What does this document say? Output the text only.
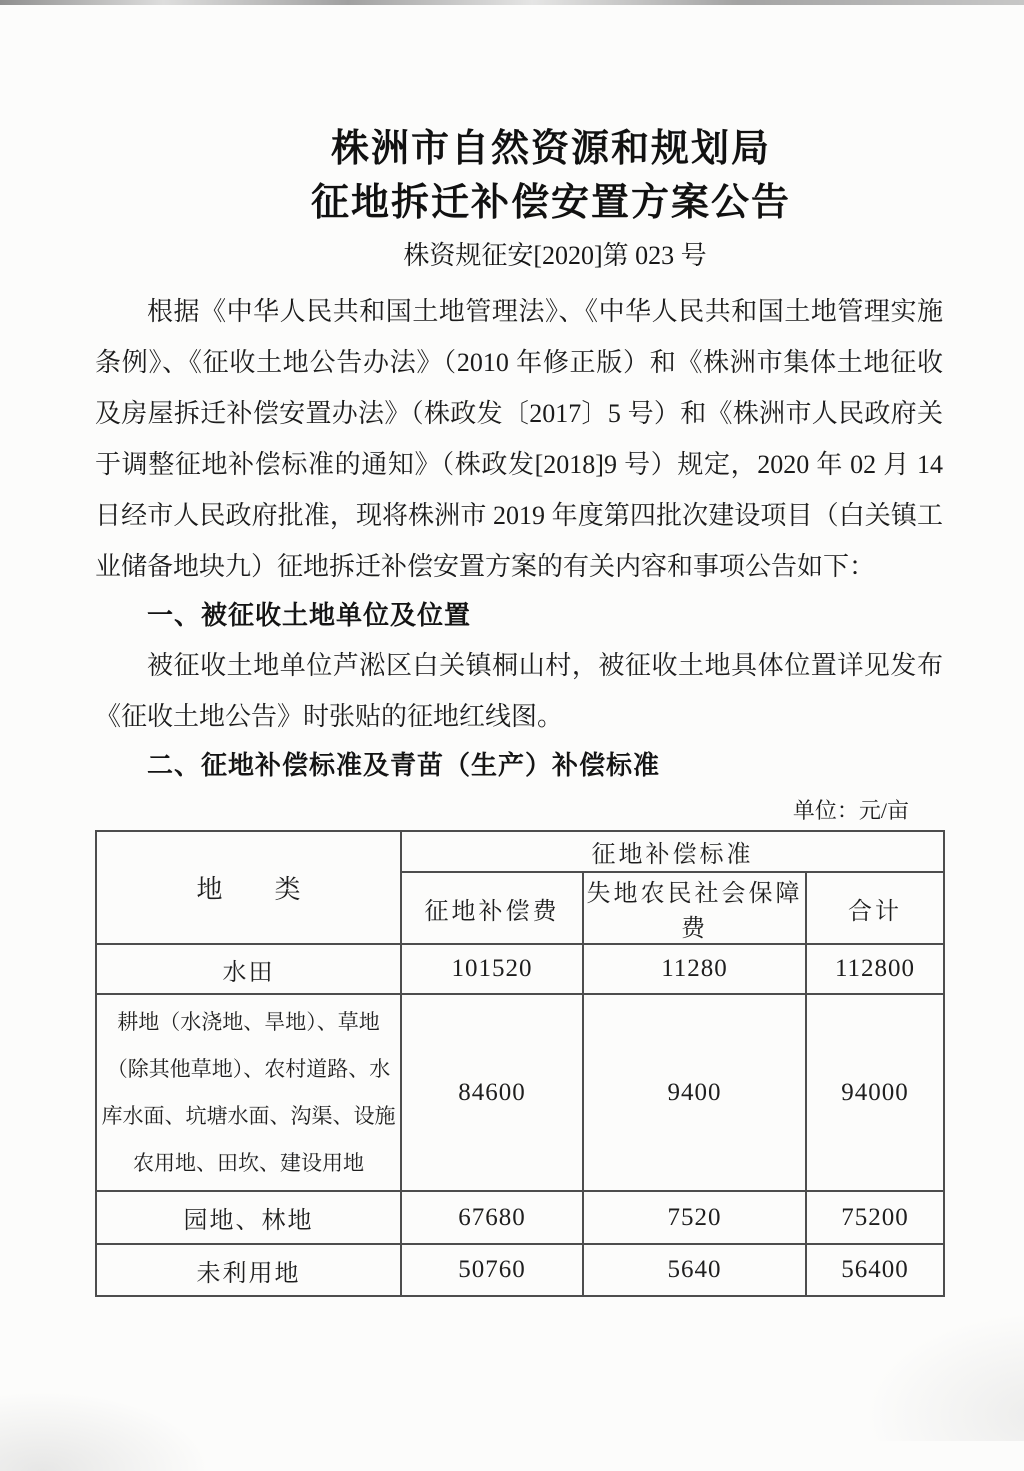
株洲市自然资源和规划局
征地拆迁补偿安置方案公告
株资规征安[2020]第 023 号

根据《中华人民共和国土地管理法》、《中华人民共和国土地管理实施条例》、《征收土地公告办法》（2010 年修正版）和《株洲市集体土地征收及房屋拆迁补偿安置办法》（株政发〔2017〕5 号）和《株洲市人民政府关于调整征地补偿标准的通知》（株政发[2018]9 号）规定，2020 年 02 月 14 日经市人民政府批准，现将株洲市 2019 年度第四批次建设项目（白关镇工业储备地块九）征地拆迁补偿安置方案的有关内容和事项公告如下：

一、被征收土地单位及位置

被征收土地单位芦淞区白关镇桐山村，被征收土地具体位置详见发布《征收土地公告》时张贴的征地红线图。

二、征地补偿标准及青苗（生产）补偿标准
单位：元/亩
地　　类	征地补偿标准		
	征地补偿费	失地农民社会保障费	合计
水田	101520	11280	112800
耕地（水浇地、旱地）、草地（除其他草地）、农村道路、水库水面、坑塘水面、沟渠、设施农用地、田坎、建设用地	84600	9400	94000
园地、林地	67680	7520	75200
未利用地	50760	5640	56400
